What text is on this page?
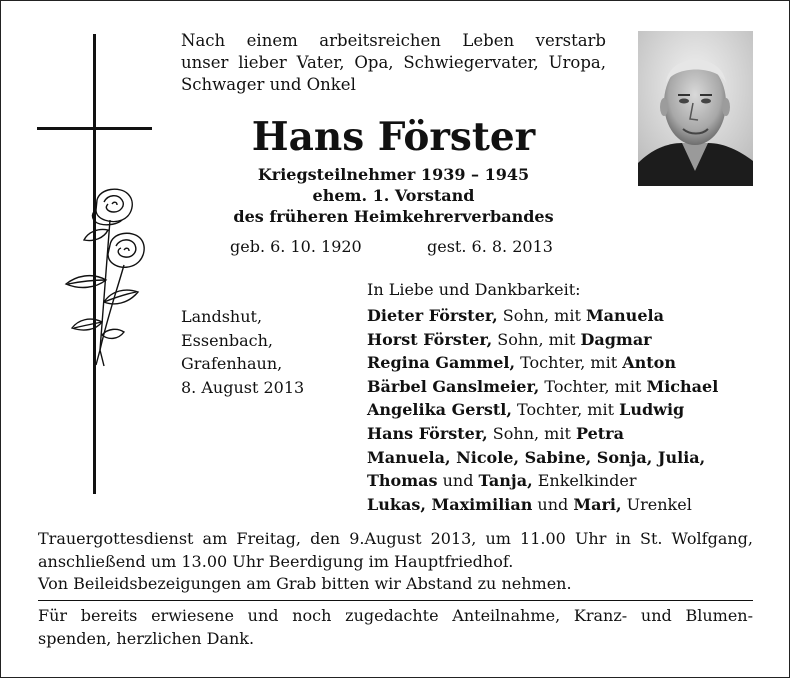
Nach einem arbeitsreichen Leben verstarb
unser lieber Vater, Opa, Schwiegervater, Uropa,
Schwager und Onkel
Hans Förster
Kriegsteilnehmer 1939 – 1945
ehem. 1. Vorstand
des früheren Heimkehrerverbandes
geb. 6. 10. 1920	gest. 6. 8. 2013
Landshut,
Essenbach,
Grafenhaun,
8. August 2013
In Liebe und Dankbarkeit:
Dieter Förster, Sohn, mit Manuela
Horst Förster, Sohn, mit Dagmar
Regina Gammel, Tochter, mit Anton
Bärbel Ganslmeier, Tochter, mit Michael
Angelika Gerstl, Tochter, mit Ludwig
Hans Förster, Sohn, mit Petra
Manuela, Nicole, Sabine, Sonja, Julia,
Thomas und Tanja, Enkelkinder
Lukas, Maximilian und Mari, Urenkel
Trauergottesdienst am Freitag, den 9.August 2013, um 11.00 Uhr in St. Wolfgang,
anschließend um 13.00 Uhr Beerdigung im Hauptfriedhof.
Von Beileidsbezeigungen am Grab bitten wir Abstand zu nehmen.
Für bereits erwiesene und noch zugedachte Anteilnahme, Kranz- und Blumen-
spenden, herzlichen Dank.
